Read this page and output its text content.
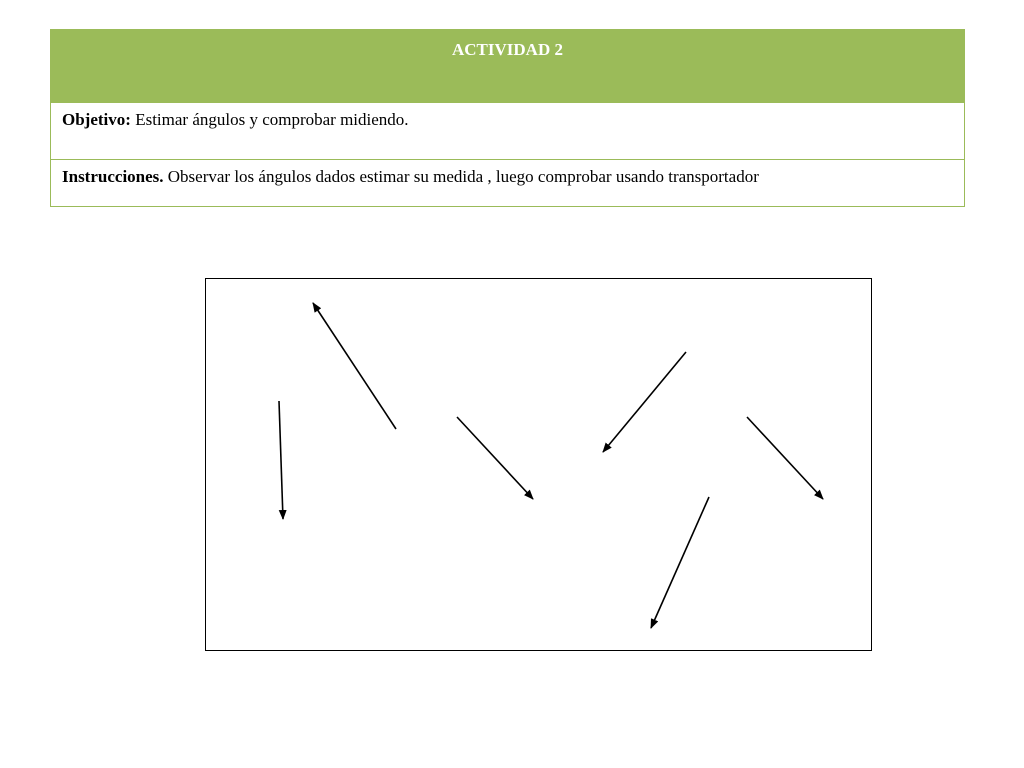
ACTIVIDAD 2
Objetivo: Estimar ángulos y comprobar midiendo.
Instrucciones. Observar los ángulos dados estimar su medida , luego comprobar usando transportador
